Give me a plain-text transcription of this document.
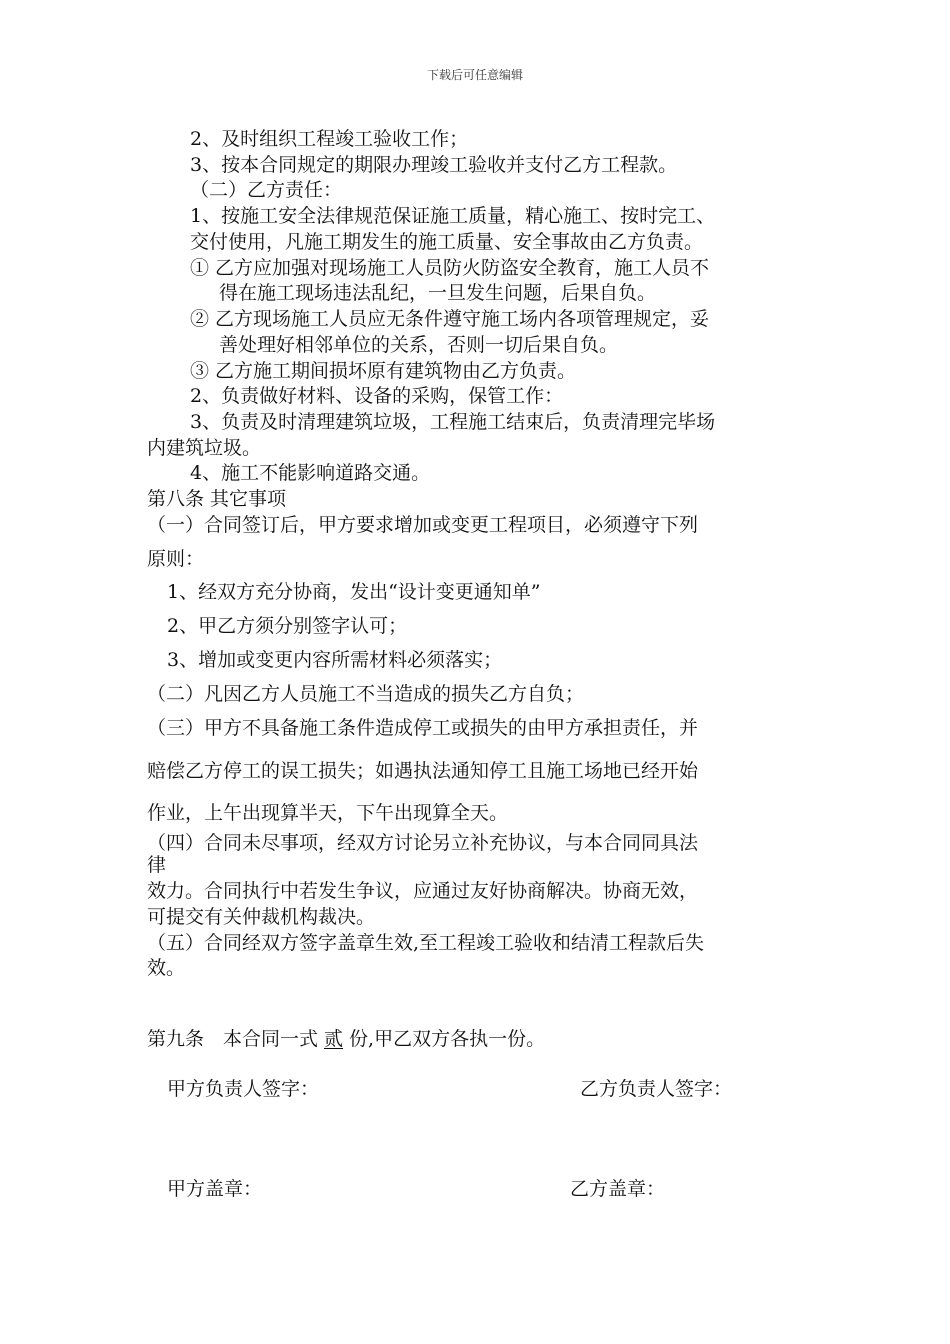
下载后可任意编辑
2、及时组织工程竣工验收工作；
3、按本合同规定的期限办理竣工验收并支付乙方工程款。
（二）乙方责任：
1、按施工安全法律规范保证施工质量，精心施工、按时完工、
交付使用，凡施工期发生的施工质量、安全事故由乙方负责。
① 乙方应加强对现场施工人员防火防盗安全教育，施工人员不
得在施工现场违法乱纪，一旦发生问题，后果自负。
② 乙方现场施工人员应无条件遵守施工场内各项管理规定，妥
善处理好相邻单位的关系，否则一切后果自负。
③ 乙方施工期间损坏原有建筑物由乙方负责。
2、负责做好材料、设备的采购，保管工作：
3、负责及时清理建筑垃圾，工程施工结束后，负责清理完毕场
内建筑垃圾。
4、施工不能影响道路交通。
第八条 其它事项
（一）合同签订后，甲方要求增加或变更工程项目，必须遵守下列
原则：
1、经双方充分协商，发出“设计变更通知单”
2、甲乙方须分别签字认可；
3、增加或变更内容所需材料必须落实；
（二）凡因乙方人员施工不当造成的损失乙方自负；
（三）甲方不具备施工条件造成停工或损失的由甲方承担责任，并
赔偿乙方停工的误工损失；如遇执法通知停工且施工场地已经开始
作业，上午出现算半天，下午出现算全天。
（四）合同未尽事项，经双方讨论另立补充协议，与本合同同具法
律
效力。合同执行中若发生争议，应通过友好协商解决。协商无效，
可提交有关仲裁机构裁决。
（五）合同经双方签字盖章生效,至工程竣工验收和结清工程款后失
效。
第九条　本合同一式 贰 份,甲乙双方各执一份。
甲方负责人签字：	乙方负责人签字：
甲方盖章：	乙方盖章：
